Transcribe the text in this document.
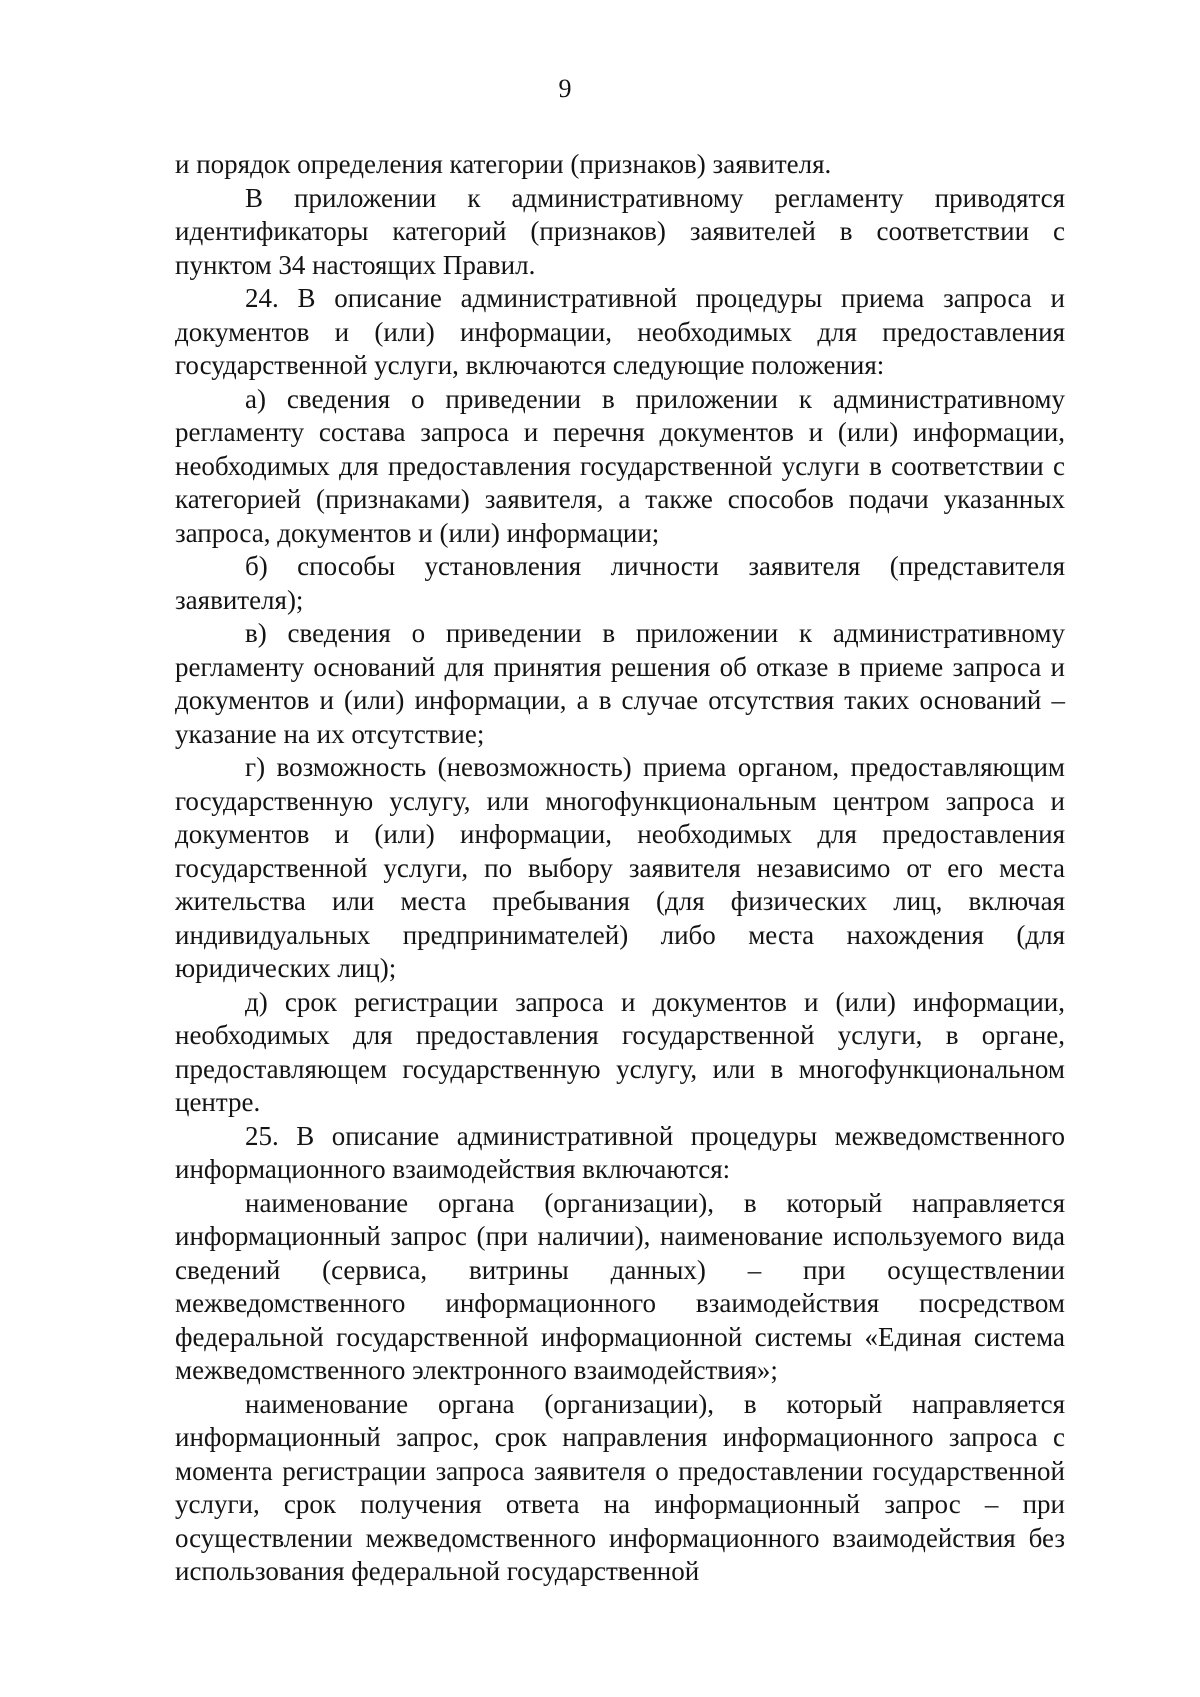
9

и порядок определения категории (признаков) заявителя.

В приложении к административному регламенту приводятся идентификаторы категорий (признаков) заявителей в соответствии с пунктом 34 настоящих Правил.

24. В описание административной процедуры приема запроса и документов и (или) информации, необходимых для предоставления государственной услуги, включаются следующие положения:

а) сведения о приведении в приложении к административному регламенту состава запроса и перечня документов и (или) информации, необходимых для предоставления государственной услуги в соответствии с категорией (признаками) заявителя, а также способов подачи указанных запроса, документов и (или) информации;

б) способы установления личности заявителя (представителя заявителя);

в) сведения о приведении в приложении к административному регламенту оснований для принятия решения об отказе в приеме запроса и документов и (или) информации, а в случае отсутствия таких оснований – указание на их отсутствие;

г) возможность (невозможность) приема органом, предоставляющим государственную услугу, или многофункциональным центром запроса и документов и (или) информации, необходимых для предоставления государственной услуги, по выбору заявителя независимо от его места жительства или места пребывания (для физических лиц, включая индивидуальных предпринимателей) либо места нахождения (для юридических лиц);

д) срок регистрации запроса и документов и (или) информации, необходимых для предоставления государственной услуги, в органе, предоставляющем государственную услугу, или в многофункциональном центре.

25. В описание административной процедуры межведомственного информационного взаимодействия включаются:

наименование органа (организации), в который направляется информационный запрос (при наличии), наименование используемого вида сведений (сервиса, витрины данных) – при осуществлении межведомственного информационного взаимодействия посредством федеральной государственной информационной системы «Единая система межведомственного электронного взаимодействия»;

наименование органа (организации), в который направляется информационный запрос, срок направления информационного запроса с момента регистрации запроса заявителя о предоставлении государственной услуги, срок получения ответа на информационный запрос – при осуществлении межведомственного информационного взаимодействия без использования федеральной государственной
